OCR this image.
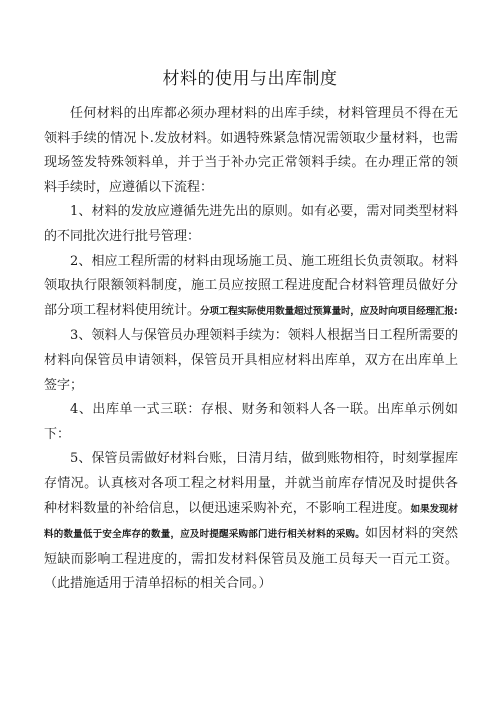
材料的使用与出库制度

任何材料的出库都必须办理材料的出库手续，材料管理员不得在无领料手续的情况卜.发放材料。如遇特殊紧急情况需领取少量材料，也需现场签发特殊领料单，并于当于补办完正常领料手续。在办理正常的领料手续时，应遵循以下流程：

1、材料的发放应遵循先进先出的原则。如有必要，需对同类型材料的不同批次进行批号管理：

2、相应工程所需的材料由现场施工员、施工班组长负责领取。材料领取执行限额领料制度，施工员应按照工程进度配合材料管理员做好分部分项工程材料使用统计。分项工程实际使用数量超过预算量时，应及时向项目经理汇报:

3、领料人与保管员办理领料手续为：领料人根据当日工程所需要的材料向保管员申请领料，保管员开具相应材料出库单，双方在出库单上签字；

4、出库单一式三联：存根、财务和领料人各一联。出库单示例如下：

5、保管员需做好材料台账，日清月结，做到账物相符，时刻掌握库存情况。认真核对各项工程之材料用量，并就当前库存情况及时提供各种材料数量的补给信息，以便迅速采购补充，不影响工程进度。如果发现材料的数量低于安全库存的数量，应及时提醒采购部门进行相关材料的采购。如因材料的突然短缺而影响工程进度的，需扣发材料保管员及施工员每天一百元工资。（此措施适用于清单招标的相关合同。）
